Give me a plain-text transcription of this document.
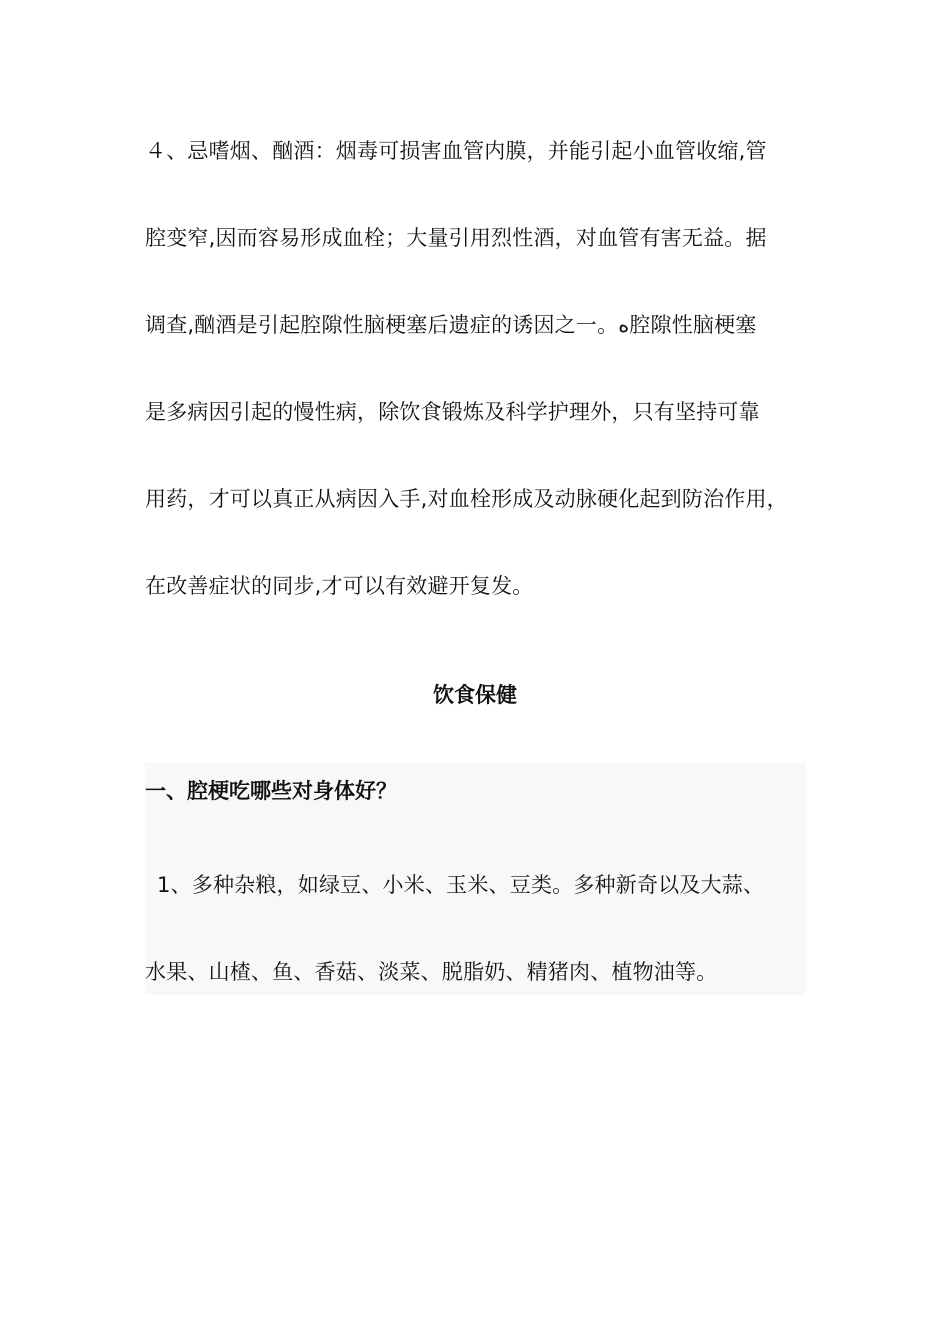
４、忌嗜烟、酗酒：烟毒可损害血管内膜，并能引起小血管收缩,管
腔变窄,因而容易形成血栓；大量引用烈性酒，对血管有害无益。据
调查,酗酒是引起腔隙性脑梗塞后遗症的诱因之一。ه腔隙性脑梗塞
是多病因引起的慢性病，除饮食锻炼及科学护理外，只有坚持可靠
用药，才可以真正从病因入手,对血栓形成及动脉硬化起到防治作用，
在改善症状的同步,才可以有效避开复发。
饮食保健
一、腔梗吃哪些对身体好？
1、多种杂粮，如绿豆、小米、玉米、豆类。多种新奇以及大蒜、
水果、山楂、鱼、香菇、淡菜、脱脂奶、精猪肉、植物油等。
